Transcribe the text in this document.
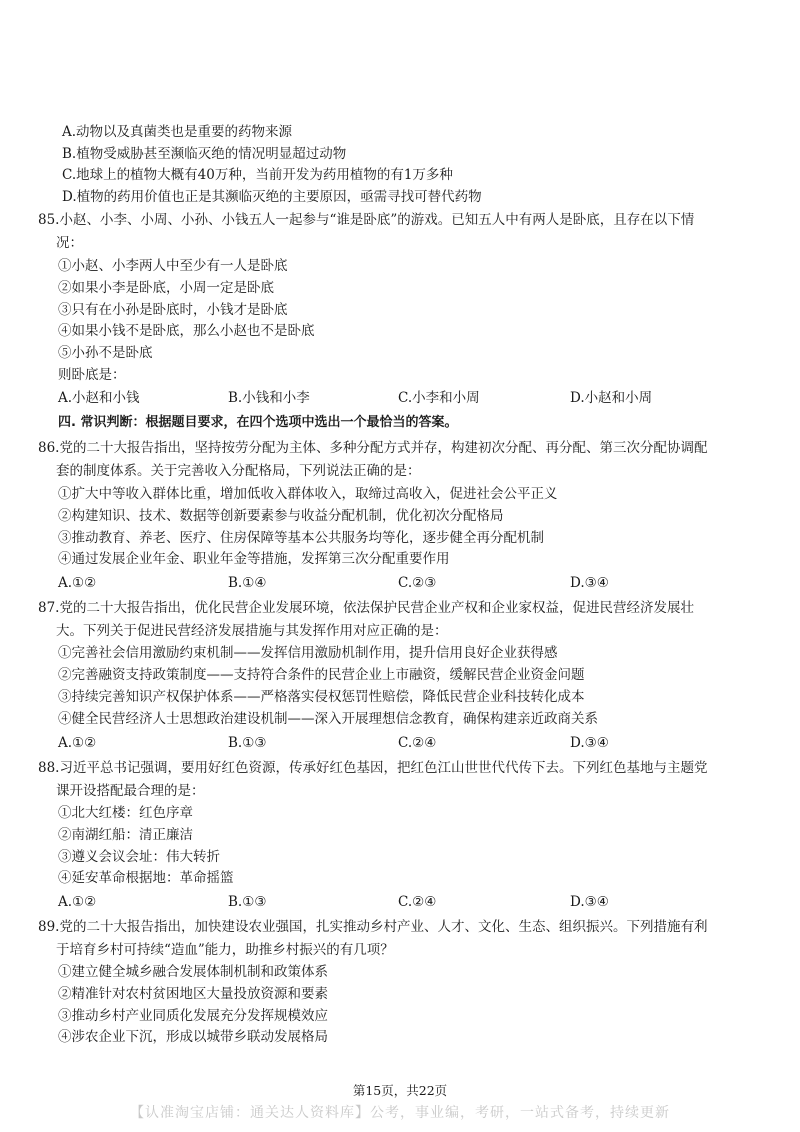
A.动物以及真菌类也是重要的药物来源
B.植物受威胁甚至濒临灭绝的情况明显超过动物
C.地球上的植物大概有40万种，当前开发为药用植物的有1万多种
D.植物的药用价值也正是其濒临灭绝的主要原因，亟需寻找可替代药物
85.小赵、小李、小周、小孙、小钱五人一起参与“谁是卧底”的游戏。已知五人中有两人是卧底，且存在以下情
况：
①小赵、小李两人中至少有一人是卧底
②如果小李是卧底，小周一定是卧底
③只有在小孙是卧底时，小钱才是卧底
④如果小钱不是卧底，那么小赵也不是卧底
⑤小孙不是卧底
则卧底是：
A.小赵和小钱	B.小钱和小李	C.小李和小周	D.小赵和小周
四. 常识判断：根据题目要求，在四个选项中选出一个最恰当的答案。
86.党的二十大报告指出，坚持按劳分配为主体、多种分配方式并存，构建初次分配、再分配、第三次分配协调配
套的制度体系。关于完善收入分配格局，下列说法正确的是：
①扩大中等收入群体比重，增加低收入群体收入，取缔过高收入，促进社会公平正义
②构建知识、技术、数据等创新要素参与收益分配机制，优化初次分配格局
③推动教育、养老、医疗、住房保障等基本公共服务均等化，逐步健全再分配机制
④通过发展企业年金、职业年金等措施，发挥第三次分配重要作用
A.①②	B.①④	C.②③	D.③④
87.党的二十大报告指出，优化民营企业发展环境，依法保护民营企业产权和企业家权益，促进民营经济发展壮
大。下列关于促进民营经济发展措施与其发挥作用对应正确的是：
①完善社会信用激励约束机制——发挥信用激励机制作用，提升信用良好企业获得感
②完善融资支持政策制度——支持符合条件的民营企业上市融资，缓解民营企业资金问题
③持续完善知识产权保护体系——严格落实侵权惩罚性赔偿，降低民营企业科技转化成本
④健全民营经济人士思想政治建设机制——深入开展理想信念教育，确保构建亲近政商关系
A.①②	B.①③	C.②④	D.③④
88.习近平总书记强调，要用好红色资源，传承好红色基因，把红色江山世世代代传下去。下列红色基地与主题党
课开设搭配最合理的是：
①北大红楼：红色序章
②南湖红船：清正廉洁
③遵义会议会址：伟大转折
④延安革命根据地：革命摇篮
A.①②	B.①③	C.②④	D.③④
89.党的二十大报告指出，加快建设农业强国，扎实推动乡村产业、人才、文化、生态、组织振兴。下列措施有利
于培育乡村可持续“造血”能力，助推乡村振兴的有几项？
①建立健全城乡融合发展体制机制和政策体系
②精准针对农村贫困地区大量投放资源和要素
③推动乡村产业同质化发展充分发挥规模效应
④涉农企业下沉，形成以城带乡联动发展格局
第15页，共22页
【认准淘宝店铺：通关达人资料库】公考，事业编，考研，一站式备考，持续更新
